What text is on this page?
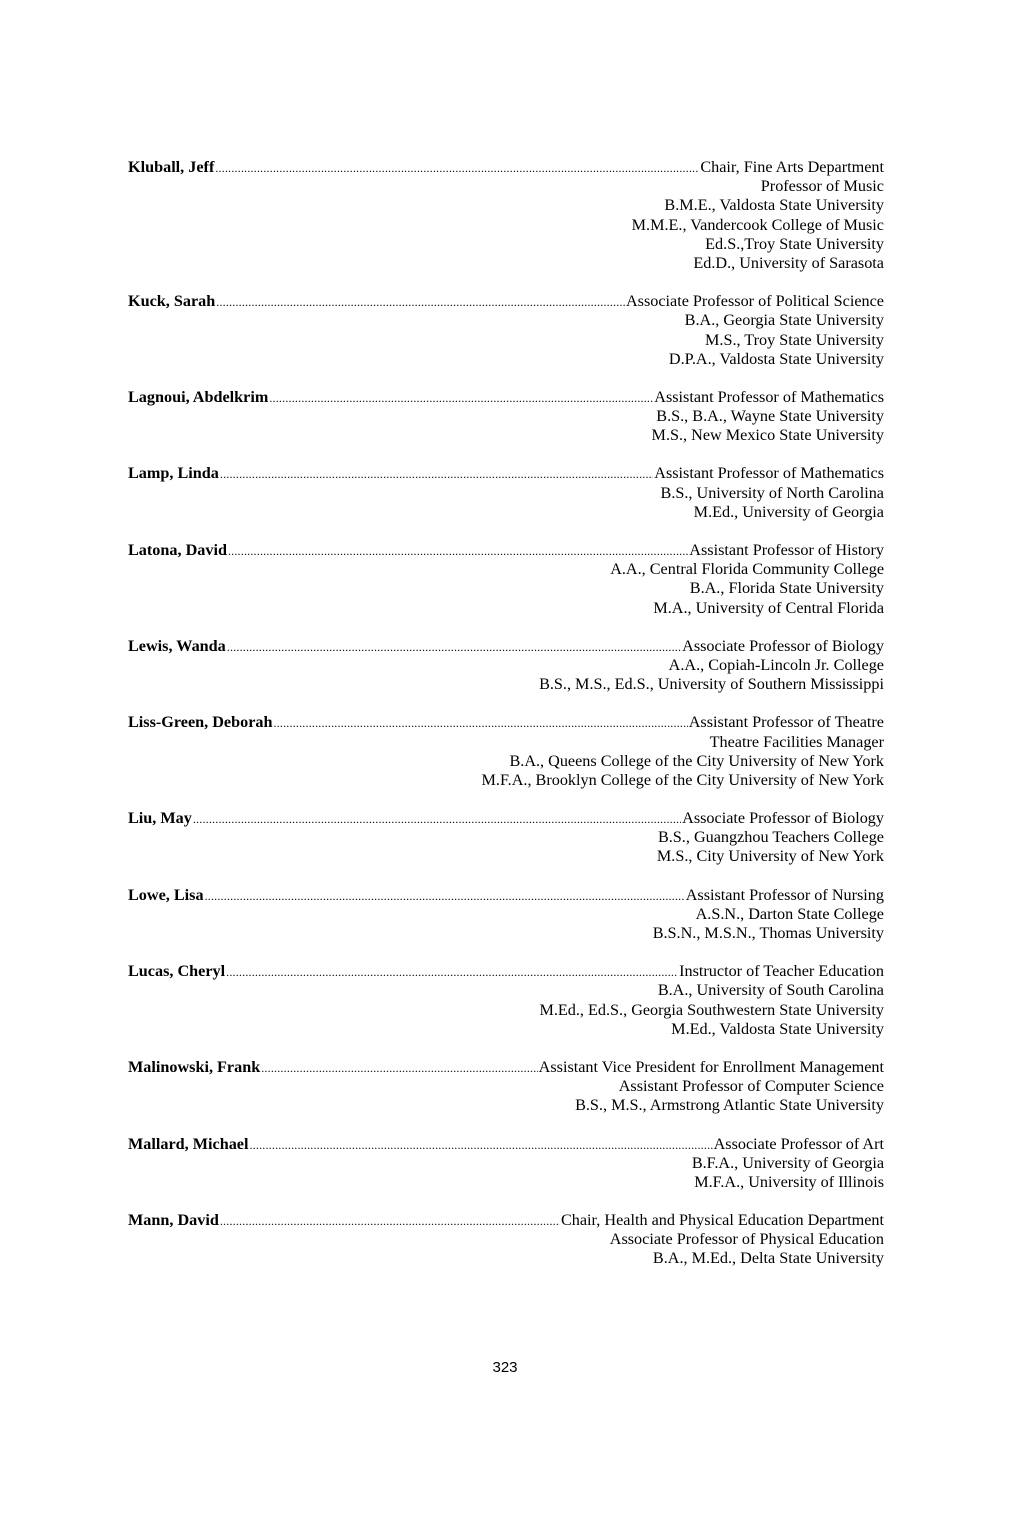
Kluball, Jeff .....	Chair, Fine Arts Department
Professor of Music
B.M.E., Valdosta State University
M.M.E., Vandercook College of Music
Ed.S.,Troy State University
Ed.D., University of Sarasota
Kuck, Sarah .....	Associate Professor of Political Science
B.A., Georgia State University
M.S., Troy State University
D.P.A., Valdosta State University
Lagnoui, Abdelkrim .....	Assistant Professor of Mathematics
B.S., B.A., Wayne State University
M.S., New Mexico State University
Lamp, Linda .....	Assistant Professor of Mathematics
B.S., University of North Carolina
M.Ed., University of Georgia
Latona, David .....	Assistant Professor of History
A.A., Central Florida Community College
B.A., Florida State University
M.A., University of Central Florida
Lewis, Wanda .....	Associate Professor of Biology
A.A., Copiah-Lincoln Jr. College
B.S., M.S., Ed.S., University of Southern Mississippi
Liss-Green, Deborah .....	Assistant Professor of Theatre
Theatre Facilities Manager
B.A., Queens College of the City University of New York
M.F.A., Brooklyn College of the City University of New York
Liu, May .....	Associate Professor of Biology
B.S., Guangzhou Teachers College
M.S., City University of New York
Lowe, Lisa .....	Assistant Professor of Nursing
A.S.N., Darton State College
B.S.N., M.S.N., Thomas University
Lucas, Cheryl .....	Instructor of Teacher Education
B.A., University of South Carolina
M.Ed., Ed.S., Georgia Southwestern State University
M.Ed., Valdosta State University
Malinowski, Frank .....	Assistant Vice President for Enrollment Management
Assistant Professor of Computer Science
B.S., M.S., Armstrong Atlantic State University
Mallard, Michael .....	Associate Professor of Art
B.F.A., University of Georgia
M.F.A., University of Illinois
Mann, David .....	Chair, Health and Physical Education Department
Associate Professor of Physical Education
B.A., M.Ed., Delta State University
323
